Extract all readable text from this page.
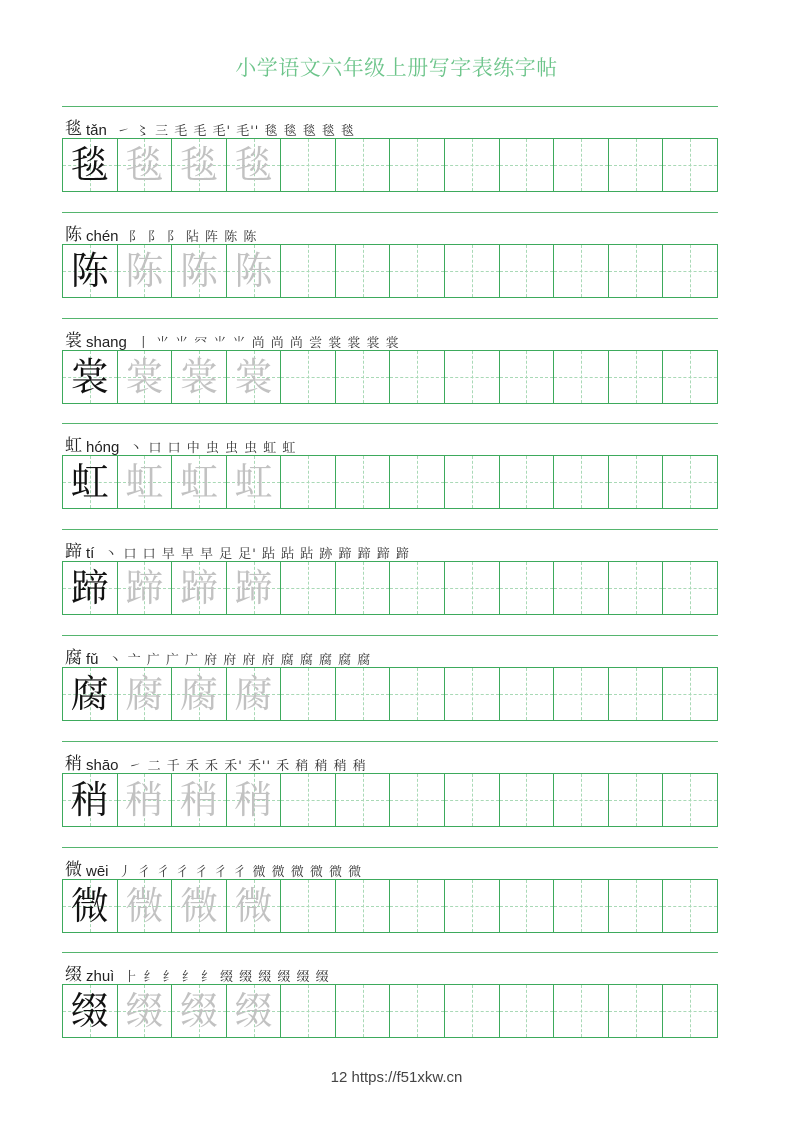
小学语文六年级上册写字表练字帖
毯 tǎn ㇀ 〻 三 毛 毛 毛' 毛'' 毯 毯 毯 毯 毯
毯 毯 毯 毯
陈 chén 阝 阝 阝 阽 阵 陈 陈
陈 陈 陈 陈
裳 shang 丨 ⺌ ⺌ 㓁 ⺌ ⺌ 尚 尚 尚 尝 裳 裳 裳 裳
裳 裳 裳 裳
虹 hóng 丶 口 口 中 虫 虫 虫 虹 虹
虹 虹 虹 虹
蹄 tí 丶 口 口 早 早 早 足 足' 跕 跕 跕 跡 蹄 蹄 蹄 蹄
蹄 蹄 蹄 蹄
腐 fǔ 丶 亠 广 广 广 府 府 府 府 腐 腐 腐 腐 腐
腐 腐 腐 腐
稍 shāo ㇀ 二 千 禾 禾 禾' 禾'' 禾 稍 稍 稍 稍
稍 稍 稍 稍
微 wēi 丿 彳 彳 彳 彳 彳 彳 微 微 微 微 微 微
微 微 微 微
缀 zhuì ⺊ 纟 纟 纟 纟 缀 缀 缀 缀 缀 缀
缀 缀 缀 缀
12 https://f51xkw.cn
